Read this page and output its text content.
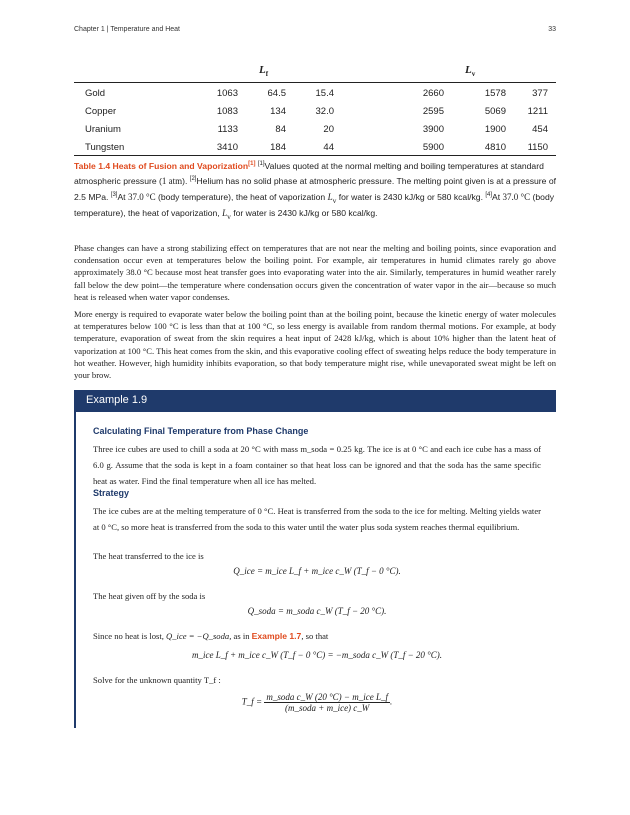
Chapter 1 | Temperature and Heat	33
$L_f$	$L_v$
Gold	1063	64.5	15.4	2660	1578	377
Copper	1083	134	32.0	2595	5069	1211
Uranium	1133	84	20	3900	1900	454
Tungsten	3410	184	44	5900	4810	1150
Table 1.4 Heats of Fusion and Vaporization[1] [1]Values quoted at the normal melting and boiling temperatures at standard atmospheric pressure (1 atm). [2]Helium has no solid phase at atmospheric pressure. The melting point given is at a pressure of 2.5 MPa. [3]At 37.0 °C (body temperature), the heat of vaporization $L_v$ for water is 2430 kJ/kg or 580 kcal/kg. [4]At 37.0 °C (body temperature), the heat of vaporization, $L_v$ for water is 2430 kJ/kg or 580 kcal/kg.
Phase changes can have a strong stabilizing effect on temperatures that are not near the melting and boiling points, since evaporation and condensation occur even at temperatures below the boiling point. For example, air temperatures in humid climates rarely go above approximately 38.0 °C because most heat transfer goes into evaporating water into the air. Similarly, temperatures in humid weather rarely fall below the dew point—the temperature where condensation occurs given the concentration of water vapor in the air—because so much heat is released when water vapor condenses.
More energy is required to evaporate water below the boiling point than at the boiling point, because the kinetic energy of water molecules at temperatures below 100 °C is less than that at 100 °C, so less energy is available from random thermal motions. For example, at body temperature, evaporation of sweat from the skin requires a heat input of 2428 kJ/kg, which is about 10% higher than the latent heat of vaporization at 100 °C. This heat comes from the skin, and this evaporative cooling effect of sweating helps reduce the body temperature in hot weather. However, high humidity inhibits evaporation, so that body temperature might rise, while unevaporated sweat might be left on your brow.
Example 1.9
Calculating Final Temperature from Phase Change
Three ice cubes are used to chill a soda at 20 °C with mass m_soda = 0.25 kg. The ice is at 0 °C and each ice cube has a mass of 6.0 g. Assume that the soda is kept in a foam container so that heat loss can be ignored and that the soda has the same specific heat as water. Find the final temperature when all ice has melted.
Strategy
The ice cubes are at the melting temperature of 0 °C. Heat is transferred from the soda to the ice for melting. Melting yields water at 0 °C, so more heat is transferred from the soda to this water until the water plus soda system reaches thermal equilibrium.
The heat transferred to the ice is
Q_ice = m_ice L_f + m_ice c_W (T_f − 0 °C).
The heat given off by the soda is
Q_soda = m_soda c_W (T_f − 20 °C).
Since no heat is lost, Q_ice = −Q_soda, as in Example 1.7, so that
m_ice L_f + m_ice c_W (T_f − 0 °C) = −m_soda c_W (T_f − 20 °C).
Solve for the unknown quantity T_f :
T_f = $\frac{\text{m\_soda c\_W (20 °C) − m\_ice L\_f}}{\text{(m\_soda + m\_ice) c\_W}}$ .
